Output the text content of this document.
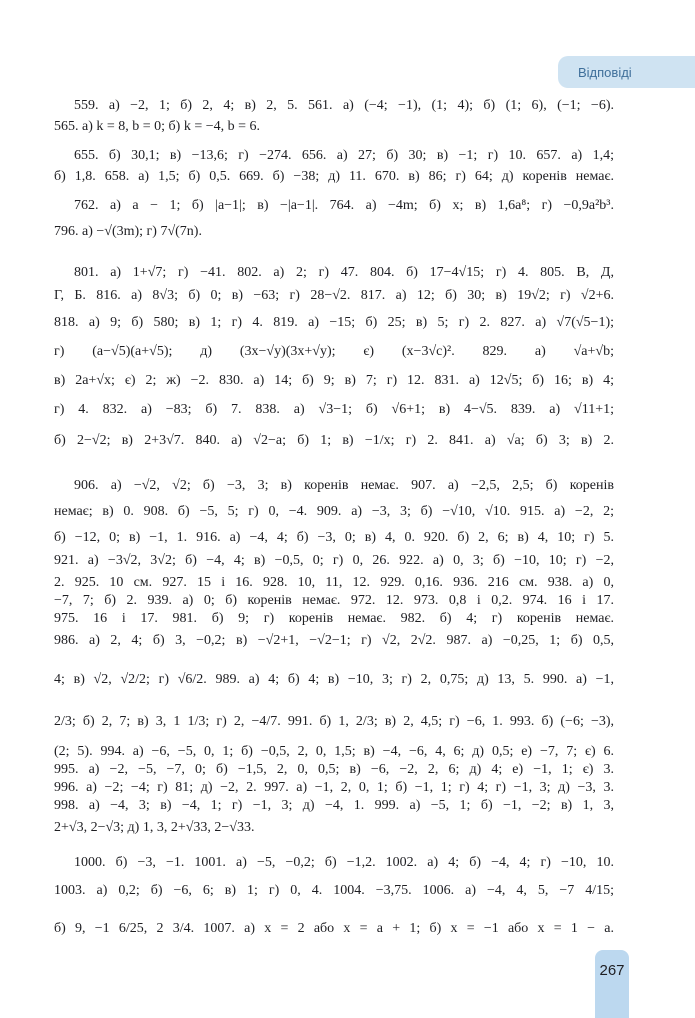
Відповіді
559. а) −2, 1; б) 2, 4; в) 2, 5. 561. а) (−4; −1), (1; 4); б) (1; 6), (−1; −6).
565. а) k = 8, b = 0; б) k = −4, b = 6.
655. б) 30,1; в) −13,6; г) −274. 656. а) 27; б) 30; в) −1; г) 10. 657. а) 1,4;
б) 1,8. 658. а) 1,5; б) 0,5. 669. б) −38; д) 11. 670. в) 86; г) 64; д) коренів немає.
762. а) a − 1; б) |a−1|; в) −|a−1|. 764. а) −4m; б) x; в) 1,6a⁸; г) −0,9a²b³.
796. а) −√(3m); г) 7√(7n).
801. а) 1+√7; г) −41. 802. а) 2; г) 47. 804. б) 17−4√15; г) 4. 805. В, Д,
Г, Б. 816. а) 8√3; б) 0; в) −63; г) 28−√2. 817. а) 12; б) 30; в) 19√2; г) √2+6.
818. а) 9; б) 580; в) 1; г) 4. 819. а) −15; б) 25; в) 5; г) 2. 827. а) √7(√5−1);
г) (a−√5)(a+√5); д) (3x−√y)(3x+√y); є) (x−3√c)². 829. а) √a+√b;
в) 2a+√x; є) 2; ж) −2. 830. а) 14; б) 9; в) 7; г) 12. 831. а) 12√5; б) 16; в) 4;
г) 4. 832. а) −83; б) 7. 838. а) √3−1; б) √6+1; в) 4−√5. 839. а) √11+1;
б) 2−√2; в) 2+3√7. 840. а) √2−a; б) 1; в) −1/x; г) 2. 841. а) √a; б) 3; в) 2.
906. а) −√2, √2; б) −3, 3; в) коренів немає. 907. а) −2,5, 2,5; б) коренів
немає; в) 0. 908. б) −5, 5; г) 0, −4. 909. а) −3, 3; б) −√10, √10. 915. а) −2, 2;
б) −12, 0; в) −1, 1. 916. а) −4, 4; б) −3, 0; в) 4, 0. 920. б) 2, 6; в) 4, 10; г) 5.
921. а) −3√2, 3√2; б) −4, 4; в) −0,5, 0; г) 0, 26. 922. а) 0, 3; б) −10, 10; г) −2,
2. 925. 10 см. 927. 15 і 16. 928. 10, 11, 12. 929. 0,16. 936. 216 см. 938. а) 0,
−7, 7; б) 2. 939. а) 0; б) коренів немає. 972. 12. 973. 0,8 і 0,2. 974. 16 і 17.
975. 16 і 17. 981. б) 9; г) коренів немає. 982. б) 4; г) коренів немає.
986. а) 2, 4; б) 3, −0,2; в) −√2+1, −√2−1; г) √2, 2√2. 987. а) −0,25, 1; б) 0,5,
4; в) √2, √2/2; г) √6/2. 989. а) 4; б) 4; в) −10, 3; г) 2, 0,75; д) 13, 5. 990. а) −1,
2/3; б) 2, 7; в) 3, 1 1/3; г) 2, −4/7. 991. б) 1, 2/3; в) 2, 4,5; г) −6, 1. 993. б) (−6; −3),
(2; 5). 994. а) −6, −5, 0, 1; б) −0,5, 2, 0, 1,5; в) −4, −6, 4, 6; д) 0,5; е) −7, 7; є) 6.
995. а) −2, −5, −7, 0; б) −1,5, 2, 0, 0,5; в) −6, −2, 2, 6; д) 4; е) −1, 1; є) 3.
996. а) −2; −4; г) 81; д) −2, 2. 997. а) −1, 2, 0, 1; б) −1, 1; г) 4; г) −1, 3; д) −3, 3.
998. а) −4, 3; в) −4, 1; г) −1, 3; д) −4, 1. 999. а) −5, 1; б) −1, −2; в) 1, 3,
2+√3, 2−√3; д) 1, 3, 2+√33, 2−√33.
1000. б) −3, −1. 1001. а) −5, −0,2; б) −1,2. 1002. а) 4; б) −4, 4; г) −10, 10.
1003. а) 0,2; б) −6, 6; в) 1; г) 0, 4. 1004. −3,75. 1006. а) −4, 4, 5, −7 4/15;
б) 9, −1 6/25, 2 3/4. 1007. а) x = 2 або x = a + 1; б) x = −1 або x = 1 − a.
267
